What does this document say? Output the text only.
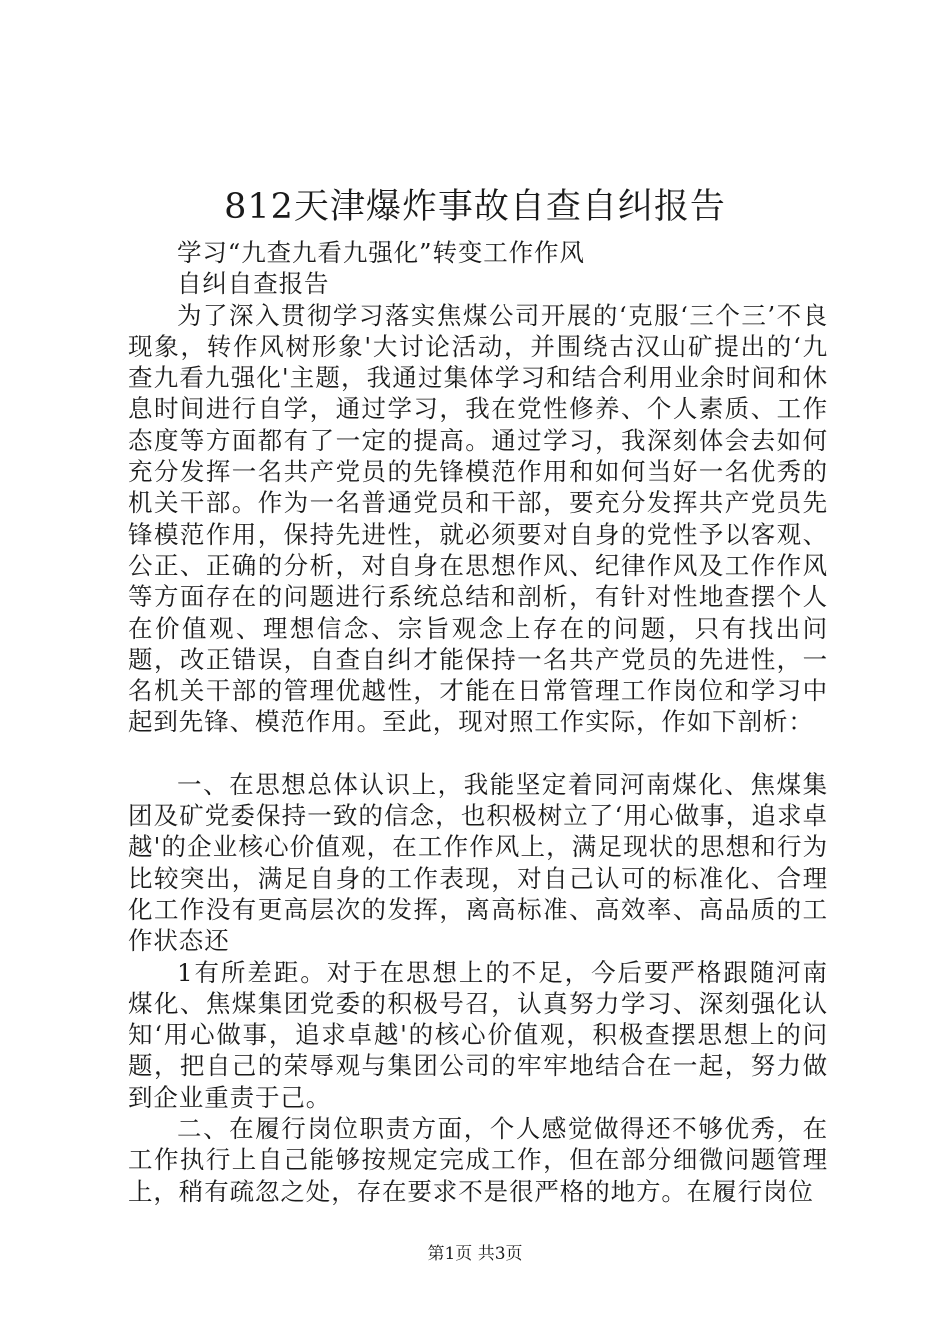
812天津爆炸事故自查自纠报告

学习“九查九看九强化”转变工作作风

自纠自查报告

为了深入贯彻学习落实焦煤公司开展的‘克服‘三个三’不良现象，转作风树形象'大讨论活动，并围绕古汉山矿提出的‘九查九看九强化'主题，我通过集体学习和结合利用业余时间和休息时间进行自学，通过学习，我在党性修养、个人素质、工作态度等方面都有了一定的提高。通过学习，我深刻体会去如何充分发挥一名共产党员的先锋模范作用和如何当好一名优秀的机关干部。作为一名普通党员和干部，要充分发挥共产党员先锋模范作用，保持先进性，就必须要对自身的党性予以客观、公正、正确的分析，对自身在思想作风、纪律作风及工作作风等方面存在的问题进行系统总结和剖析，有针对性地查摆个人在价值观、理想信念、宗旨观念上存在的问题，只有找出问题，改正错误，自查自纠才能保持一名共产党员的先进性，一名机关干部的管理优越性，才能在日常管理工作岗位和学习中起到先锋、模范作用。至此，现对照工作实际，作如下剖析：

一、在思想总体认识上，我能坚定着同河南煤化、焦煤集团及矿党委保持一致的信念，也积极树立了‘用心做事，追求卓越'的企业核心价值观，在工作作风上，满足现状的思想和行为比较突出，满足自身的工作表现，对自己认可的标准化、合理化工作没有更高层次的发挥，离高标准、高效率、高品质的工作状态还

1有所差距。对于在思想上的不足，今后要严格跟随河南煤化、焦煤集团党委的积极号召，认真努力学习、深刻强化认知‘用心做事，追求卓越'的核心价值观，积极查摆思想上的问题，把自己的荣辱观与集团公司的牢牢地结合在一起，努力做到企业重责于己。

二、在履行岗位职责方面，个人感觉做得还不够优秀，在工作执行上自己能够按规定完成工作，但在部分细微问题管理上，稍有疏忽之处，存在要求不是很严格的地方。在履行岗位

第1页 共3页
